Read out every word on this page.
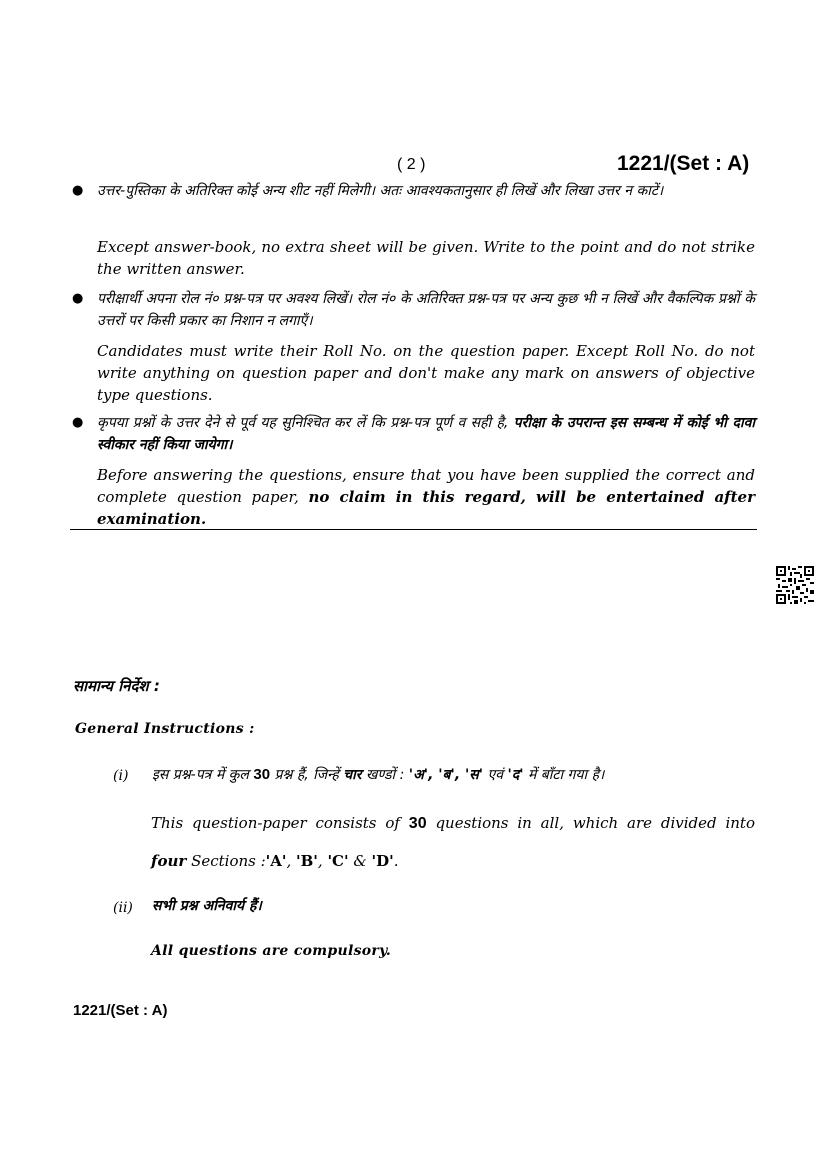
( 2 )	1221/(Set : A)
● उत्तर-पुस्तिका के अतिरिक्त कोई अन्य शीट नहीं मिलेगी। अतः आवश्यकतानुसार ही लिखें और लिखा उत्तर न काटें।
Except answer-book, no extra sheet will be given. Write to the point and do not strike the written answer.
● परीक्षार्थी अपना रोल नं० प्रश्न-पत्र पर अवश्य लिखें। रोल नं० के अतिरिक्त प्रश्न-पत्र पर अन्य कुछ भी न लिखें और वैकल्पिक प्रश्नों के उत्तरों पर किसी प्रकार का निशान न लगाएँ।
Candidates must write their Roll No. on the question paper. Except Roll No. do not write anything on question paper and don't make any mark on answers of objective type questions.
● कृपया प्रश्नों के उत्तर देने से पूर्व यह सुनिश्चित कर लें कि प्रश्न-पत्र पूर्ण व सही है, परीक्षा के उपरान्त इस सम्बन्ध में कोई भी दावा स्वीकार नहीं किया जायेगा।
Before answering the questions, ensure that you have been supplied the correct and complete question paper, no claim in this regard, will be entertained after examination.
सामान्य निर्देश :
General Instructions :
(i) इस प्रश्न-पत्र में कुल 30 प्रश्न हैं, जिन्हें चार खण्डों : 'अ', 'ब', 'स' एवं 'द' में बाँटा गया है।
This question-paper consists of 30 questions in all, which are divided into
four Sections :'A', 'B', 'C' & 'D'.
(ii) सभी प्रश्न अनिवार्य हैं।
All questions are compulsory.
1221/(Set : A)
